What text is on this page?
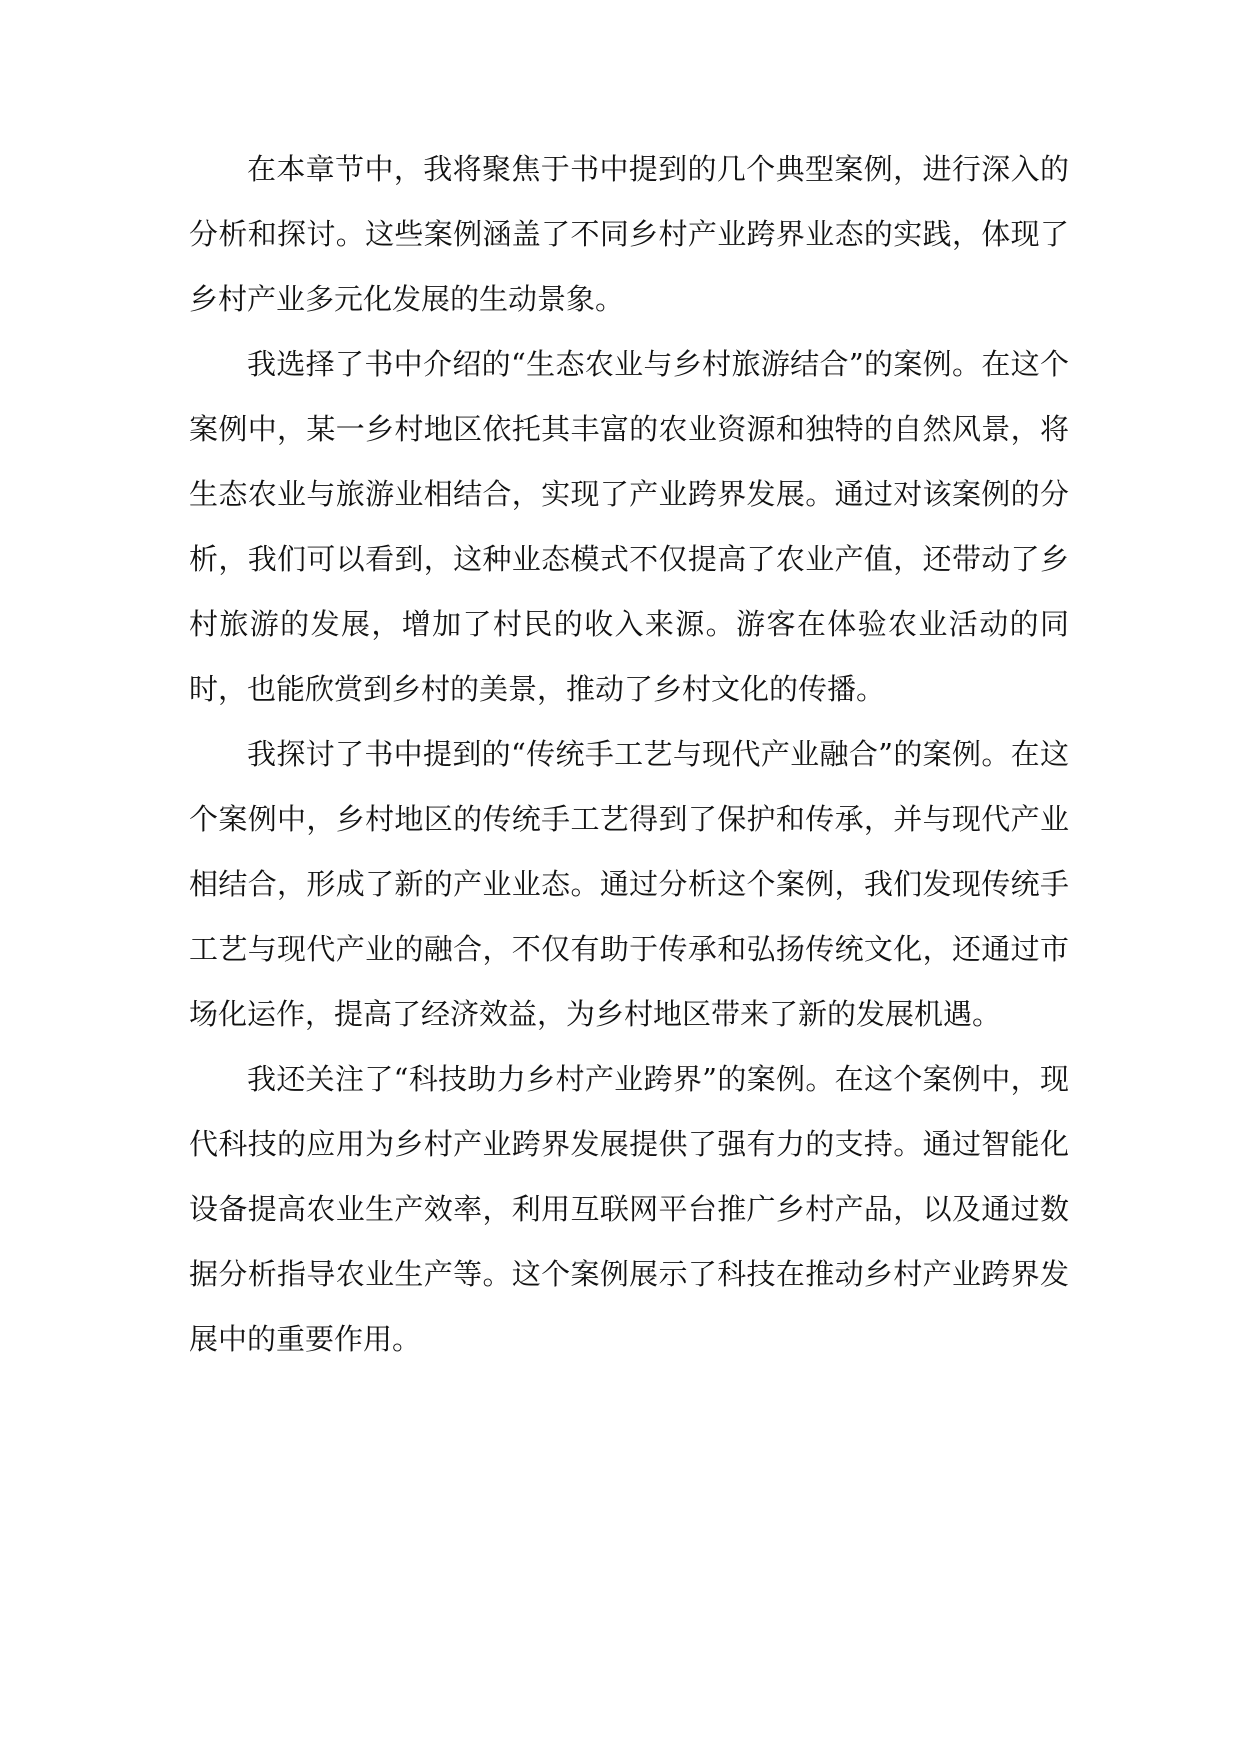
在本章节中，我将聚焦于书中提到的几个典型案例，进行深入的分析和探讨。这些案例涵盖了不同乡村产业跨界业态的实践，体现了乡村产业多元化发展的生动景象。

我选择了书中介绍的“生态农业与乡村旅游结合”的案例。在这个案例中，某一乡村地区依托其丰富的农业资源和独特的自然风景，将生态农业与旅游业相结合，实现了产业跨界发展。通过对该案例的分析，我们可以看到，这种业态模式不仅提高了农业产值，还带动了乡村旅游的发展，增加了村民的收入来源。游客在体验农业活动的同时，也能欣赏到乡村的美景，推动了乡村文化的传播。

我探讨了书中提到的“传统手工艺与现代产业融合”的案例。在这个案例中，乡村地区的传统手工艺得到了保护和传承，并与现代产业相结合，形成了新的产业业态。通过分析这个案例，我们发现传统手工艺与现代产业的融合，不仅有助于传承和弘扬传统文化，还通过市场化运作，提高了经济效益，为乡村地区带来了新的发展机遇。

我还关注了“科技助力乡村产业跨界”的案例。在这个案例中，现代科技的应用为乡村产业跨界发展提供了强有力的支持。通过智能化设备提高农业生产效率，利用互联网平台推广乡村产品，以及通过数据分析指导农业生产等。这个案例展示了科技在推动乡村产业跨界发展中的重要作用。
